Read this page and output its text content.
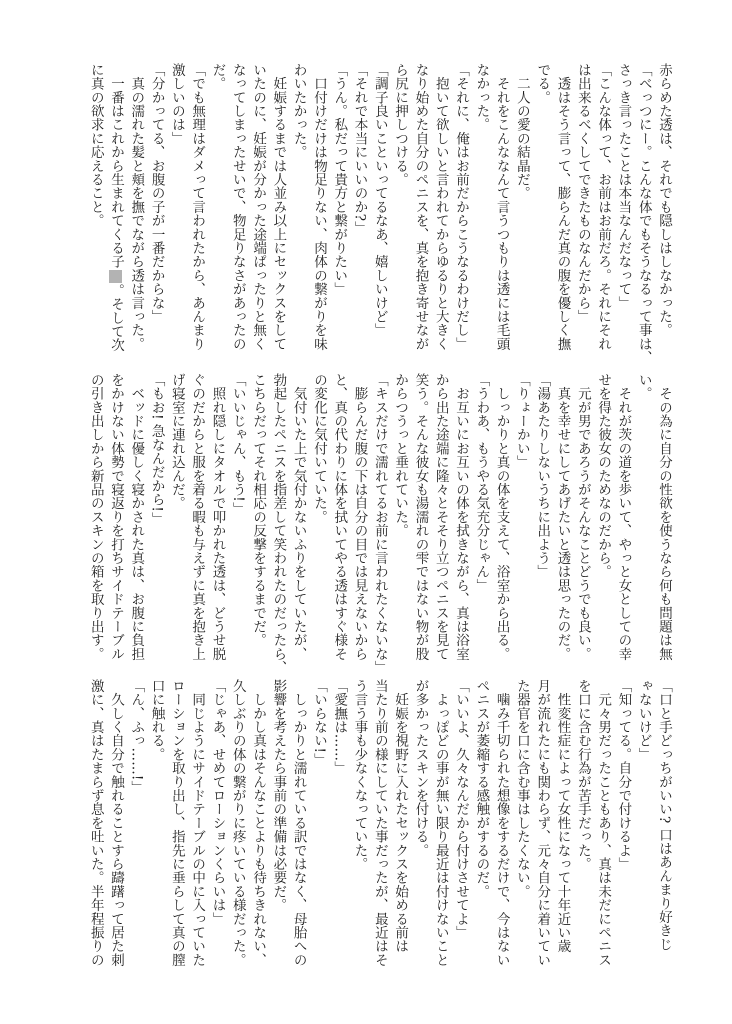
赤らめた透は、それでも隠しはしなかった。
「べっつにー。こんな体でもそうなるって事は、
さっき言ったことは本当なんだなって」
「こんな体って、お前はお前だろ。それにそれ
は出来るべくしてできたものなんだから」
　透はそう言って、膨らんだ真の腹を優しく撫
でる。
　二人の愛の結晶だ。
　それをこんななんて言うつもりは透には毛頭
なかった。
「それに、俺はお前だからこうなるわけだし」
　抱いて欲しいと言われてからゆるりと大きく
なり始めた自分のペニスを、真を抱き寄せなが
ら尻に押しつける。
「調子良いこといってるなあ、嬉しいけど」
「それで本当にいいのか?」
「うん。私だって貴方と繋がりたい」
　口付けだけは物足りない、肉体の繋がりを味
わいたかった。
　妊娠するまでは人並み以上にセックスをして
いたのに、妊娠が分かった途端ぱったりと無く
なってしまったせいで、物足りなさがあったの
だ。
「でも無理はダメって言われたから、あんまり
激しいのは」
「分かってる、お腹の子が一番だからな」
　真の濡れた髪と頬を撫でながら透は言った。
　一番はこれから生まれてくる子。そして次
に真の欲求に応えること。
　その為に自分の性欲を使うなら何も問題は無
い。
　それが茨の道を歩いて、やっと女としての幸
せを得た彼女のためなのだから。
　元が男であろうがそんなことどうでも良い。
　真を幸せにしてあげたいと透は思ったのだ。
「湯あたりしないうちに出よう」
「りょーかい」
　しっかりと真の体を支えて、浴室から出る。
「うわあ、もうやる気充分じゃん」
　お互いにお互いの体を拭きながら、真は浴室
から出た途端に隆々とそそり立つペニスを見て
笑う。そんな彼女も湯濡れの雫ではない物が股
からつうっと垂れていた。
「キスだけで濡れてるお前に言われたくないな」
　膨らんだ腹の下は自分の目では見えないから
と、真の代わりに体を拭いてやる透はすぐ様そ
の変化に気付いていた。
　気付いた上で気付かないふりをしていたが、
勃起したペニスを指差して笑われたのだったら、
こちらだってそれ相応の反撃をするまでだ。
「いいじゃん、もう!」
　照れ隠しにタオルで叩かれた透は、どうせ脱
ぐのだからと服を着る暇も与えずに真を抱き上
げ寝室に連れ込んだ。
「もお! 急なんだから!」
　ベッドに優しく寝かされた真は、お腹に負担
をかけない体勢で寝返りを打ちサイドテーブル
の引き出しから新品のスキンの箱を取り出す。
「口と手どっちがいい? 口はあんまり好きじ
ゃないけど」
「知ってる。自分で付けるよ」
　元々男だったこともあり、真は未だにペニス
を口に含む行為が苦手だった。
　性変性症によって女性になって十年近い歳
月が流れたにも関わらず、元々自分に着いてい
た器官を口に含む事はしたくない。
　噛み千切られた想像をするだけで、今はない
ペニスが萎縮する感触がするのだ。
「いいよ、久々なんだから付けさせてよ」
　よっぽどの事が無い限り最近は付けないこと
が多かったスキンを付ける。
　妊娠を視野に入れたセックスを始める前は
当たり前の様にしていた事だったが、最近はそ
う言う事も少なくなっていた。
「愛撫は……」
「いらない!」
　しっかりと濡れている訳ではなく、母胎への
影響を考えたら事前の準備は必要だ。
　しかし真はそんなことよりも待ちきれない、
久しぶりの体の繋がりに疼いている様だった。
「じゃあ、せめてローションくらいは」
　同じようにサイドテーブルの中に入っていた
ローションを取り出し、指先に垂らして真の膣
口に触れる。
「ん、ふっ……!」
　久しく自分で触れることすら躊躇って居た刺
激に、真はたまらず息を吐いた。半年程振りの
